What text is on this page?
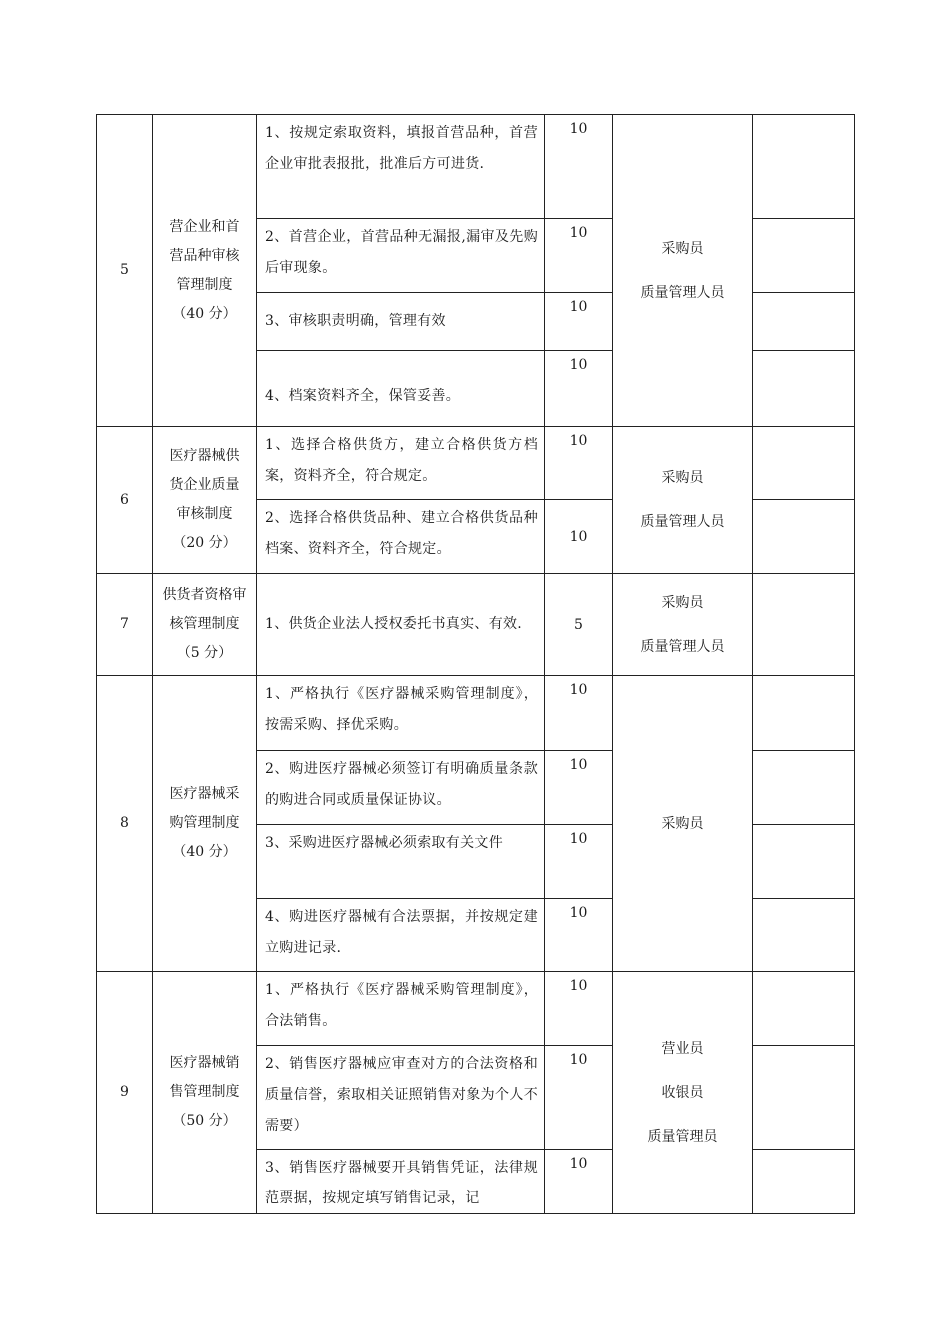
5	营企业和首
营品种审核
管理制度
（40 分）	1、按规定索取资料，填报首营品种，首营企业审批表报批，批准后方可进货.	10	采购员
质量管理人员	

		2、首营企业，首营品种无漏报,漏审及先购后审现象。	10		
		3、审核职责明确，管理有效	10		
		4、档案资料齐全，保管妥善。	10		
6	医疗器械供
货企业质量
审核制度
（20 分）	1、选择合格供货方，建立合格供货方档案，资料齐全，符合规定。	10	采购员
质量管理人员	

		2、选择合格供货品种、建立合格供货品种档案、资料齐全，符合规定。	10		
7	供货者资格审
核管理制度
（5 分）	1、供货企业法人授权委托书真实、有效.	5	采购员
质量管理人员	

8	医疗器械采
购管理制度
（40 分）	1、严格执行《医疗器械采购管理制度》，按需采购、择优采购。	10	采购员	

		2、购进医疗器械必须签订有明确质量条款的购进合同或质量保证协议。	10		
		3、采购进医疗器械必须索取有关文件	10		
		4、购进医疗器械有合法票据，并按规定建立购进记录.	10		
9	医疗器械销
售管理制度
（50 分）	1、严格执行《医疗器械采购管理制度》，合法销售。	10	营业员
收银员
质量管理员	

		2、销售医疗器械应审查对方的合法资格和质量信誉，索取相关证照销售对象为个人不需要）	10		
		3、销售医疗器械要开具销售凭证，法律规范票据，按规定填写销售记录，记	10		
